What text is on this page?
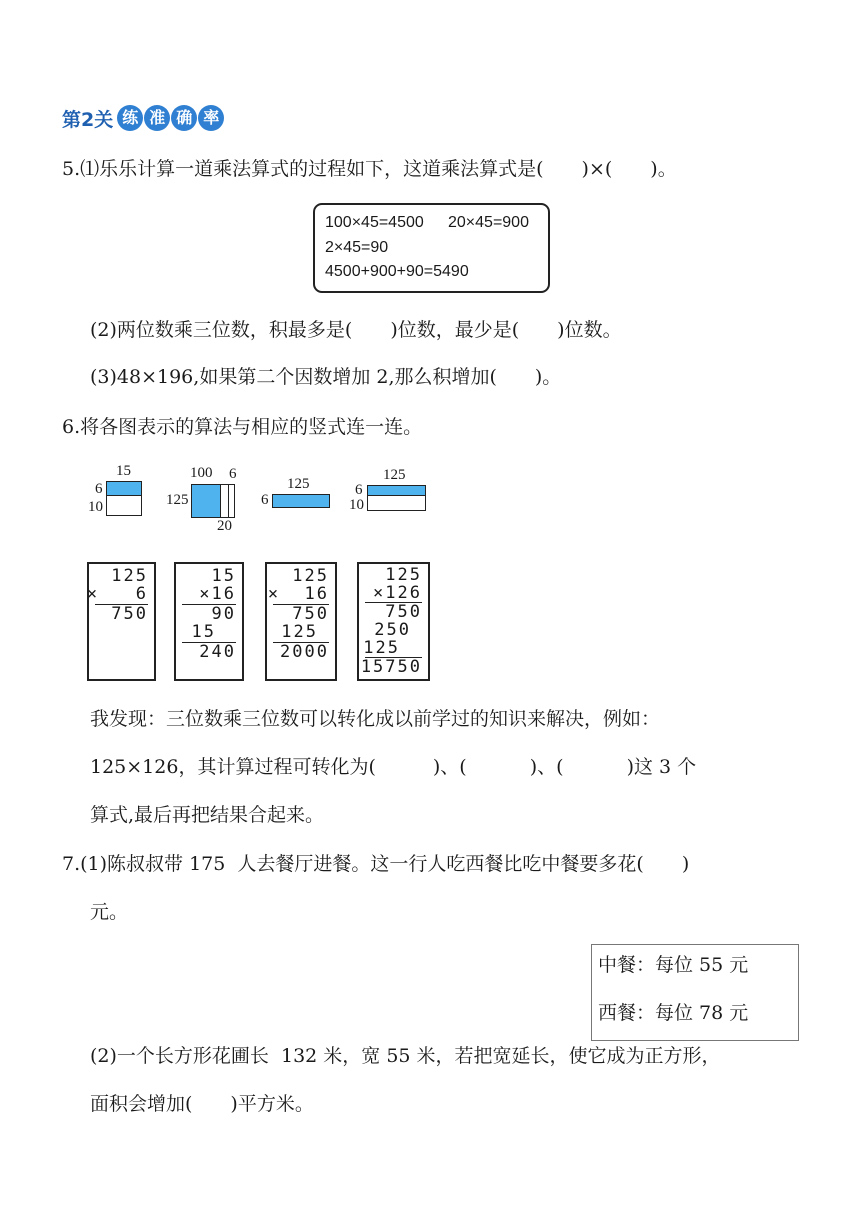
第2关 练 准 确 率
5.⑴乐乐计算一道乘法算式的过程如下，这道乘法算式是(　　)×(　　)。
100×45=4500 20×45=900
2×45=90
4500+900+90=5490
(2)两位数乘三位数，积最多是(　　)位数，最少是(　　)位数。
(3)48×196,如果第二个因数增加 2,那么积增加(　　)。
6.将各图表示的算法与相应的竖式连一连。
15
6
10
100 6
125
20
125
6
125
6
10
125
×   6
750
15
×16
90
15
240
125
×  16
750
125
2000
125
×126
750
250
125
15750
我发现：三位数乘三位数可以转化成以前学过的知识来解决，例如：
125×126，其计算过程可转化为(　　　)、(　　　 )、(　　　 )这 3 个
算式,最后再把结果合起来。
7.(1)陈叔叔带 175  人去餐厅进餐。这一行人吃西餐比吃中餐要多花(　　)
元。
中餐：每位 55 元
西餐：每位 78 元
(2)一个长方形花圃长  132 米，宽 55 米，若把宽延长，使它成为正方形，
面积会增加(　　)平方米。
